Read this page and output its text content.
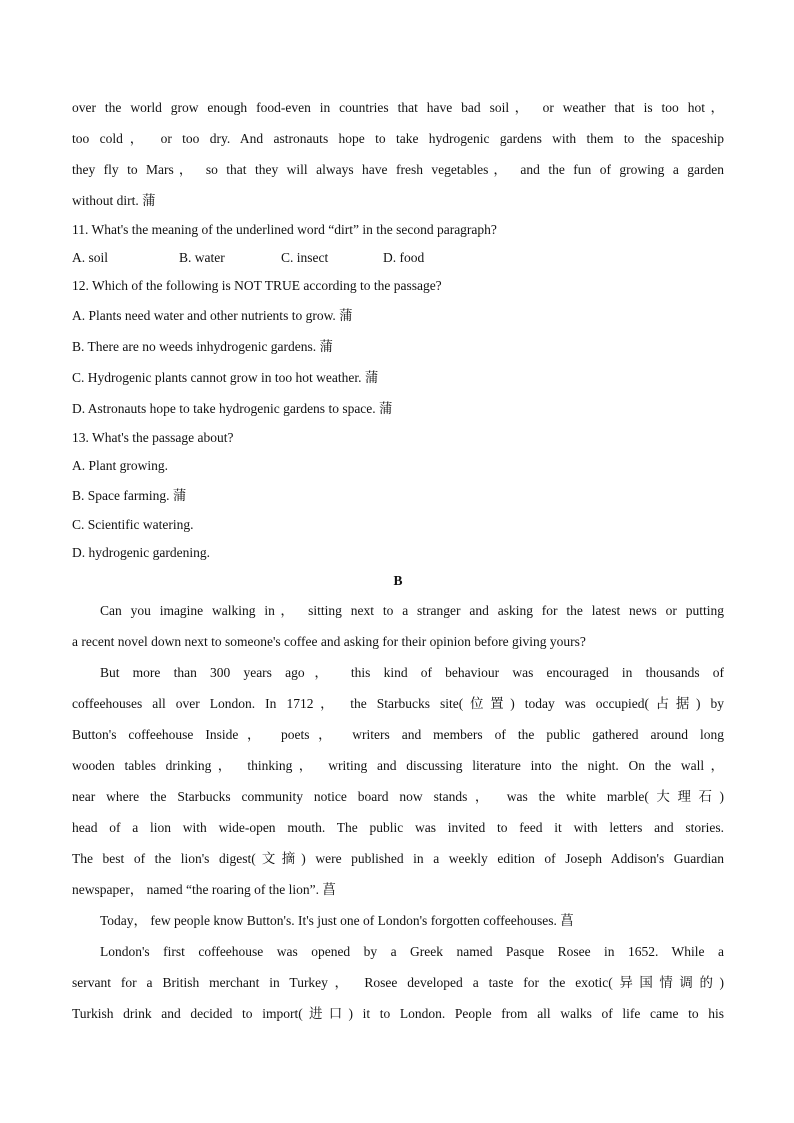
over the world grow enough food-even in countries that have bad soil， or weather that is too hot，
too cold， or too dry. And astronauts hope to take hydrogenic gardens with them to the spaceship
they fly to Mars， so that they will always have fresh vegetables， and the fun of growing a garden
without dirt. 蒲
11. What's the meaning of the underlined word “dirt” in the second paragraph?
A. soil	B. water	C. insect	D. food
12. Which of the following is NOT TRUE according to the passage?
A. Plants need water and other nutrients to grow. 蒲
B. There are no weeds inhydrogenic gardens. 蒲
C. Hydrogenic plants cannot grow in too hot weather. 蒲
D. Astronauts hope to take hydrogenic gardens to space. 蒲
13. What's the passage about?
A. Plant growing.
B. Space farming. 蒲
C. Scientific watering.
D. hydrogenic gardening.
B
Can you imagine walking in， sitting next to a stranger and asking for the latest news or putting
a recent novel down next to someone's coffee and asking for their opinion before giving yours?
But more than 300 years ago， this kind of behaviour was encouraged in thousands of
coffeehouses all over London. In 1712， the Starbucks site(位置) today was occupied(占据) by
Button's coffeehouse Inside， poets， writers and members of the public gathered around long
wooden tables drinking， thinking， writing and discussing literature into the night. On the wall，
near where the Starbucks community notice board now stands， was the white marble(大理石)
head of a lion with wide-open mouth. The public was invited to feed it with letters and stories.
The best of the lion's digest(文摘) were published in a weekly edition of Joseph Addison's Guardian
newspaper， named “the roaring of the lion”. 菖
Today， few people know Button's. It's just one of London's forgotten coffeehouses. 菖
London's first coffeehouse was opened by a Greek named Pasque Rosee in 1652. While a
servant for a British merchant in Turkey， Rosee developed a taste for the exotic(异国情调的)
Turkish drink and decided to import(进口) it to London. People from all walks of life came to his
